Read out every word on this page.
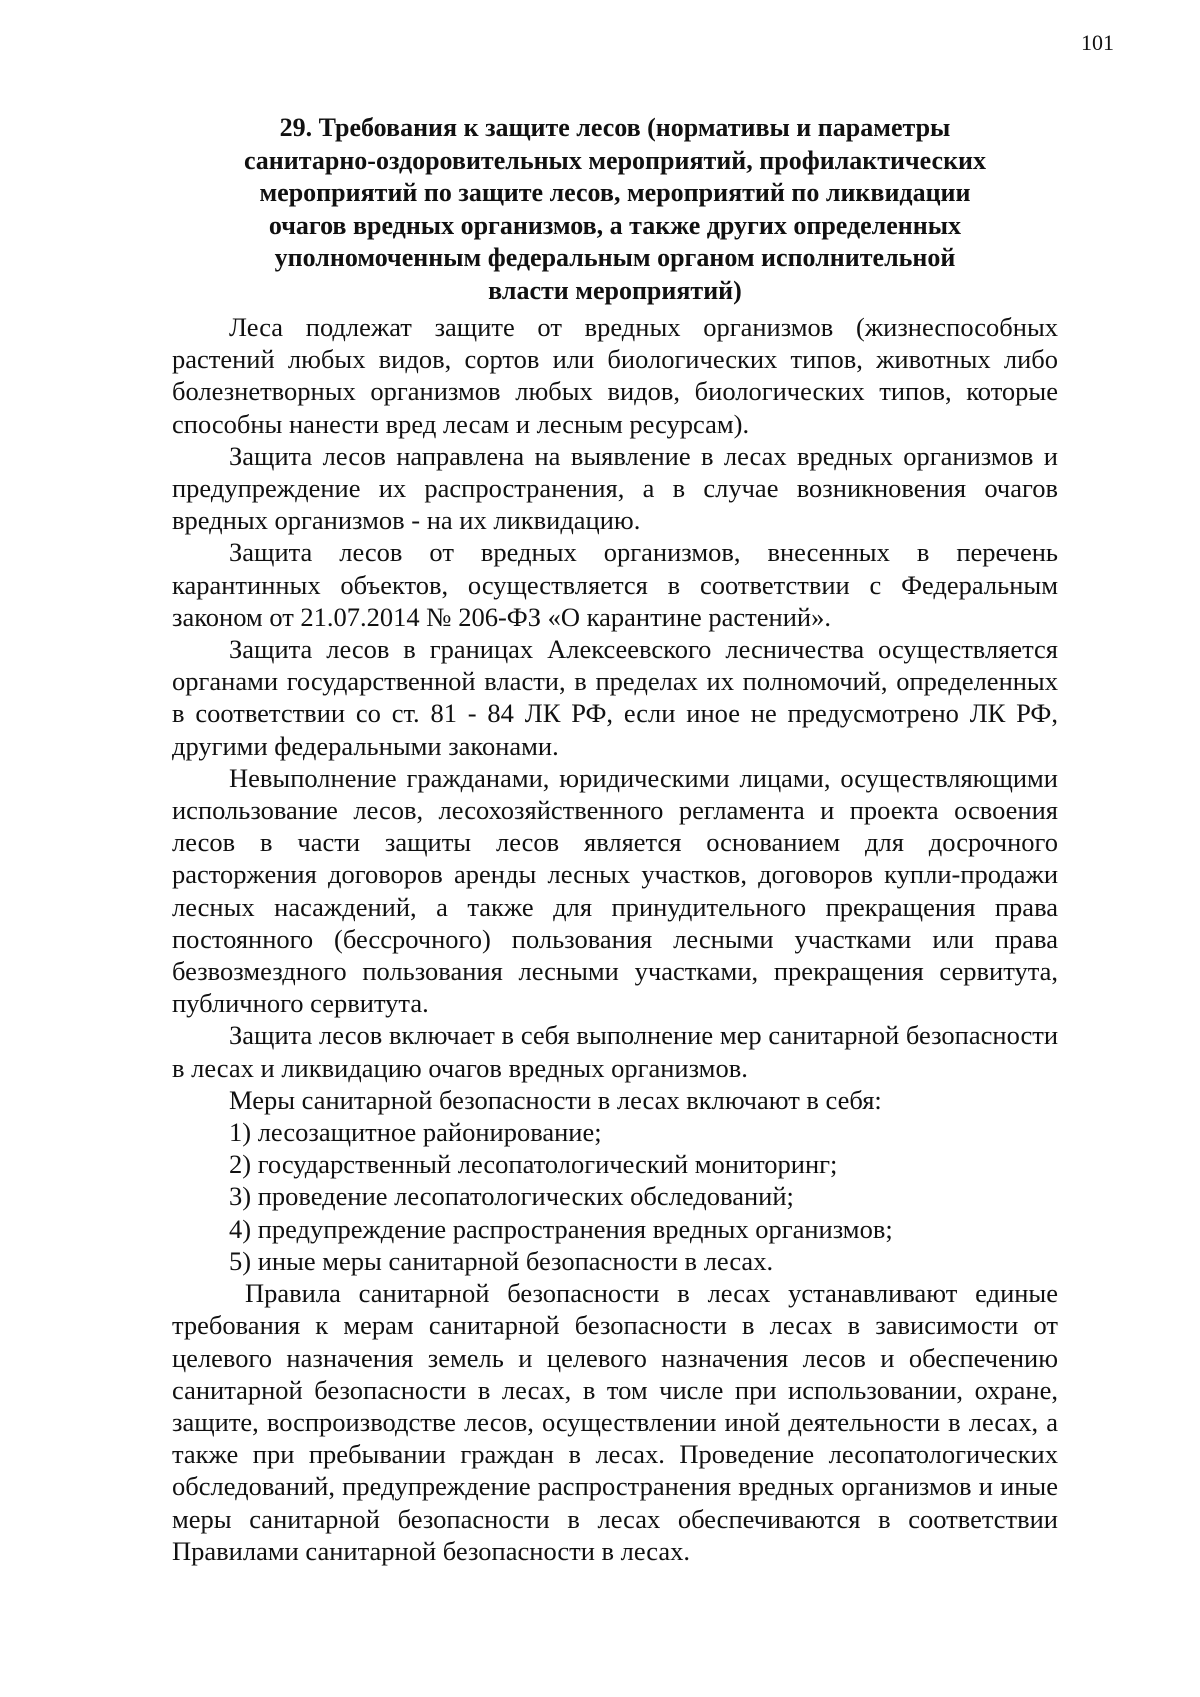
101
29. Требования к защите лесов (нормативы и параметры
санитарно-оздоровительных мероприятий, профилактических
мероприятий по защите лесов, мероприятий по ликвидации
очагов вредных организмов, а также других определенных
уполномоченным федеральным органом исполнительной
власти мероприятий)

Леса подлежат защите от вредных организмов (жизнеспособных растений любых видов, сортов или биологических типов, животных либо болезнетворных организмов любых видов, биологических типов, которые способны нанести вред лесам и лесным ресурсам).

Защита лесов направлена на выявление в лесах вредных организмов и предупреждение их распространения, а в случае возникновения очагов вредных организмов - на их ликвидацию.

Защита лесов от вредных организмов, внесенных в перечень карантинных объектов, осуществляется в соответствии с Федеральным законом от 21.07.2014 № 206-ФЗ «О карантине растений».

Защита лесов в границах Алексеевского лесничества осуществляется органами государственной власти, в пределах их полномочий, определенных в соответствии со ст. 81 - 84 ЛК РФ, если иное не предусмотрено ЛК РФ, другими федеральными законами.

Невыполнение гражданами, юридическими лицами, осуществляющими использование лесов, лесохозяйственного регламента и проекта освоения лесов в части защиты лесов является основанием для досрочного расторжения договоров аренды лесных участков, договоров купли-продажи лесных насаждений, а также для принудительного прекращения права постоянного (бессрочного) пользования лесными участками или права безвозмездного пользования лесными участками, прекращения сервитута, публичного сервитута.

Защита лесов включает в себя выполнение мер санитарной безопасности в лесах и ликвидацию очагов вредных организмов.

Меры санитарной безопасности в лесах включают в себя:

1) лесозащитное районирование;

2) государственный лесопатологический мониторинг;

3) проведение лесопатологических обследований;

4) предупреждение распространения вредных организмов;

5) иные меры санитарной безопасности в лесах.

Правила санитарной безопасности в лесах устанавливают единые требования к мерам санитарной безопасности в лесах в зависимости от целевого назначения земель и целевого назначения лесов и обеспечению санитарной безопасности в лесах, в том числе при использовании, охране, защите, воспроизводстве лесов, осуществлении иной деятельности в лесах, а также при пребывании граждан в лесах. Проведение лесопатологических обследований, предупреждение распространения вредных организмов и иные меры санитарной безопасности в лесах обеспечиваются в соответствии Правилами санитарной безопасности в лесах.
